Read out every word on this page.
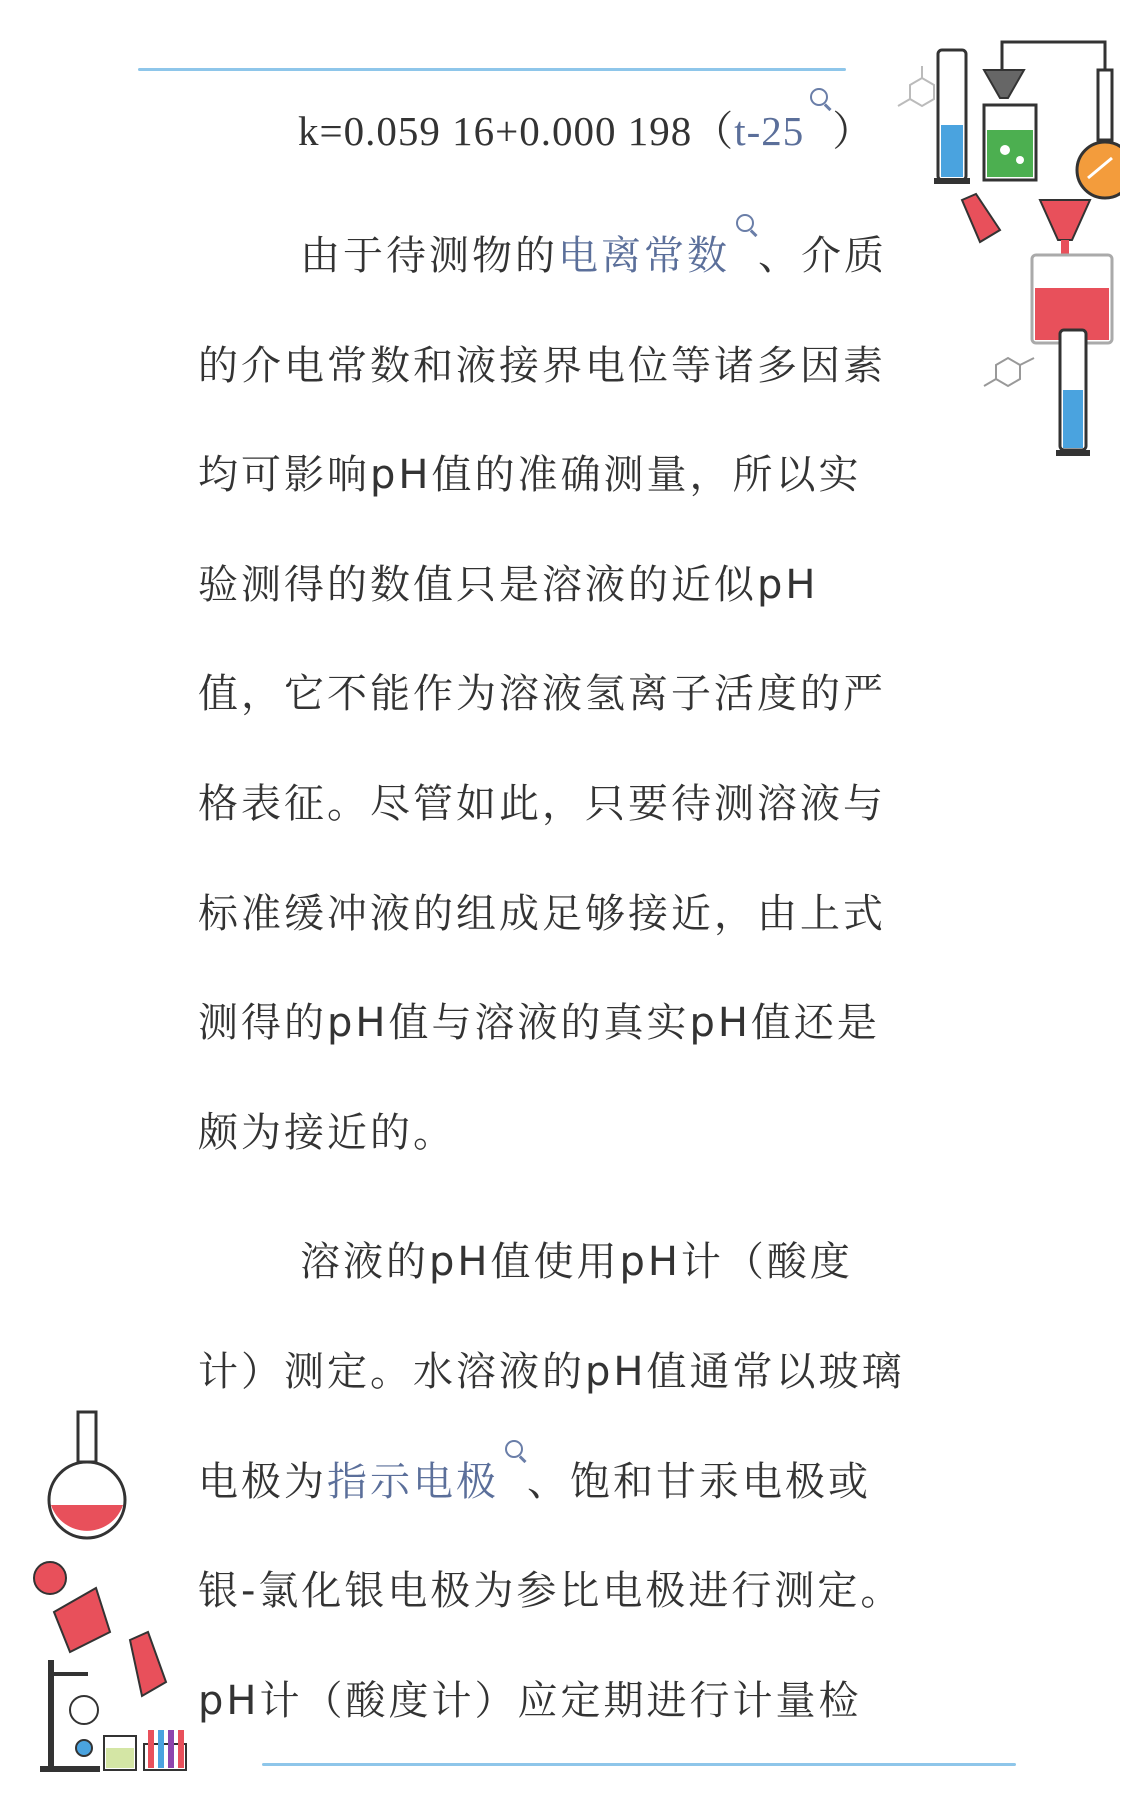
k=0.059 16+0.000 198（t-25 ）
由于待测物的电离常数 、介质
的介电常数和液接界电位等诸多因素
均可影响pH值的准确测量，所以实
验测得的数值只是溶液的近似pH
值，它不能作为溶液氢离子活度的严
格表征。尽管如此，只要待测溶液与
标准缓冲液的组成足够接近，由上式
测得的pH值与溶液的真实pH值还是
颇为接近的。
溶液的pH值使用pH计（酸度
计）测定。水溶液的pH值通常以玻璃
电极为指示电极 、饱和甘汞电极或
银-氯化银电极为参比电极进行测定。
pH计（酸度计）应定期进行计量检
